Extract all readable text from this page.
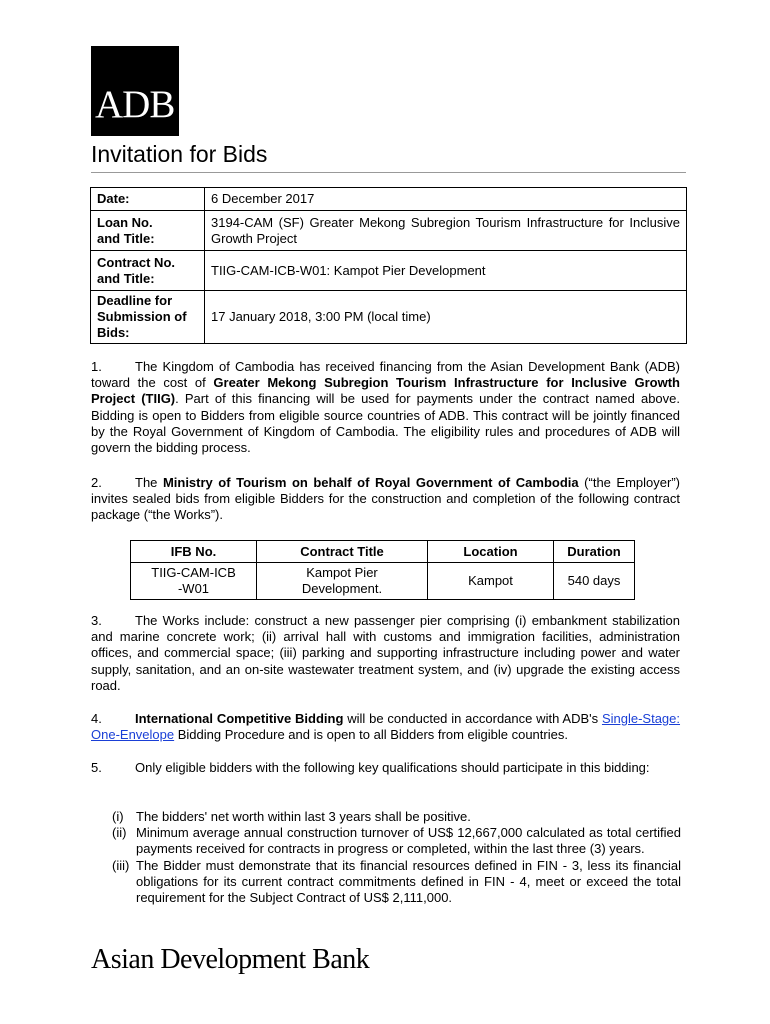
ADB
Invitation for Bids
Date:	6 December 2017
Loan No.
and Title:	3194-CAM (SF) Greater Mekong Subregion Tourism Infrastructure for Inclusive Growth Project
Contract No.
and Title:	TIIG-CAM-ICB-W01: Kampot Pier Development
Deadline for
Submission of
Bids:	17 January 2018, 3:00 PM (local time)

1.	The Kingdom of Cambodia has received financing from the Asian Development Bank (ADB) toward the cost of Greater Mekong Subregion Tourism Infrastructure for Inclusive Growth Project (TIIG). Part of this financing will be used for payments under the contract named above. Bidding is open to Bidders from eligible source countries of ADB. This contract will be jointly financed by the Royal Government of Kingdom of Cambodia. The eligibility rules and procedures of ADB will govern the bidding process.

2.	The Ministry of Tourism on behalf of Royal Government of Cambodia (“the Employer”) invites sealed bids from eligible Bidders for the construction and completion of the following contract package (“the Works”).

IFB No.	Contract Title	Location	Duration
TIIG-CAM-ICB-W01	Kampot Pier Development.	Kampot	540 days

3.	The Works include: construct a new passenger pier comprising (i) embankment stabilization and marine concrete work; (ii) arrival hall with customs and immigration facilities, administration offices, and commercial space; (iii) parking and supporting infrastructure including power and water supply, sanitation, and an on-site wastewater treatment system, and (iv) upgrade the existing access road.

4.	International Competitive Bidding will be conducted in accordance with ADB's Single-Stage: One-Envelope Bidding Procedure and is open to all Bidders from eligible countries.

5.	Only eligible bidders with the following key qualifications should participate in this bidding:

(i) The bidders' net worth within last 3 years shall be positive.
(ii) Minimum average annual construction turnover of US$ 12,667,000 calculated as total certified payments received for contracts in progress or completed, within the last three (3) years.
(iii) The Bidder must demonstrate that its financial resources defined in FIN - 3, less its financial obligations for its current contract commitments defined in FIN - 4, meet or exceed the total requirement for the Subject Contract of US$ 2,111,000.
Asian Development Bank
